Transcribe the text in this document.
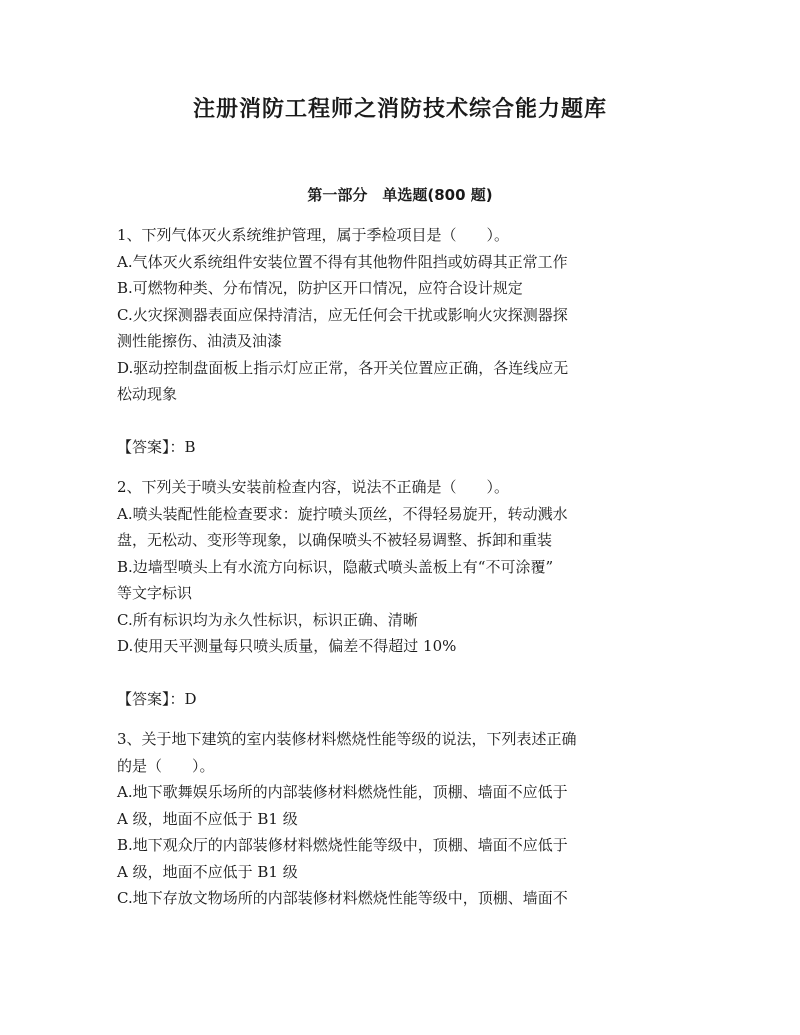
注册消防工程师之消防技术综合能力题库
第一部分　单选题(800 题)
1、下列气体灭火系统维护管理，属于季检项目是（　　）。
A.气体灭火系统组件安装位置不得有其他物件阻挡或妨碍其正常工作
B.可燃物种类、分布情况，防护区开口情况，应符合设计规定
C.火灾探测器表面应保持清洁，应无任何会干扰或影响火灾探测器探
测性能擦伤、油渍及油漆
D.驱动控制盘面板上指示灯应正常，各开关位置应正确，各连线应无
松动现象
【答案】：B
2、下列关于喷头安装前检查内容，说法不正确是（　　）。
A.喷头装配性能检查要求：旋拧喷头顶丝，不得轻易旋开，转动溅水
盘，无松动、变形等现象，以确保喷头不被轻易调整、拆卸和重装
B.边墙型喷头上有水流方向标识，隐蔽式喷头盖板上有“不可涂覆”
等文字标识
C.所有标识均为永久性标识，标识正确、清晰
D.使用天平测量每只喷头质量，偏差不得超过 10%
【答案】：D
3、关于地下建筑的室内装修材料燃烧性能等级的说法，下列表述正确
的是（　　）。
A.地下歌舞娱乐场所的内部装修材料燃烧性能，顶棚、墙面不应低于
A 级，地面不应低于 B1 级
B.地下观众厅的内部装修材料燃烧性能等级中，顶棚、墙面不应低于
A 级，地面不应低于 B1 级
C.地下存放文物场所的内部装修材料燃烧性能等级中，顶棚、墙面不
